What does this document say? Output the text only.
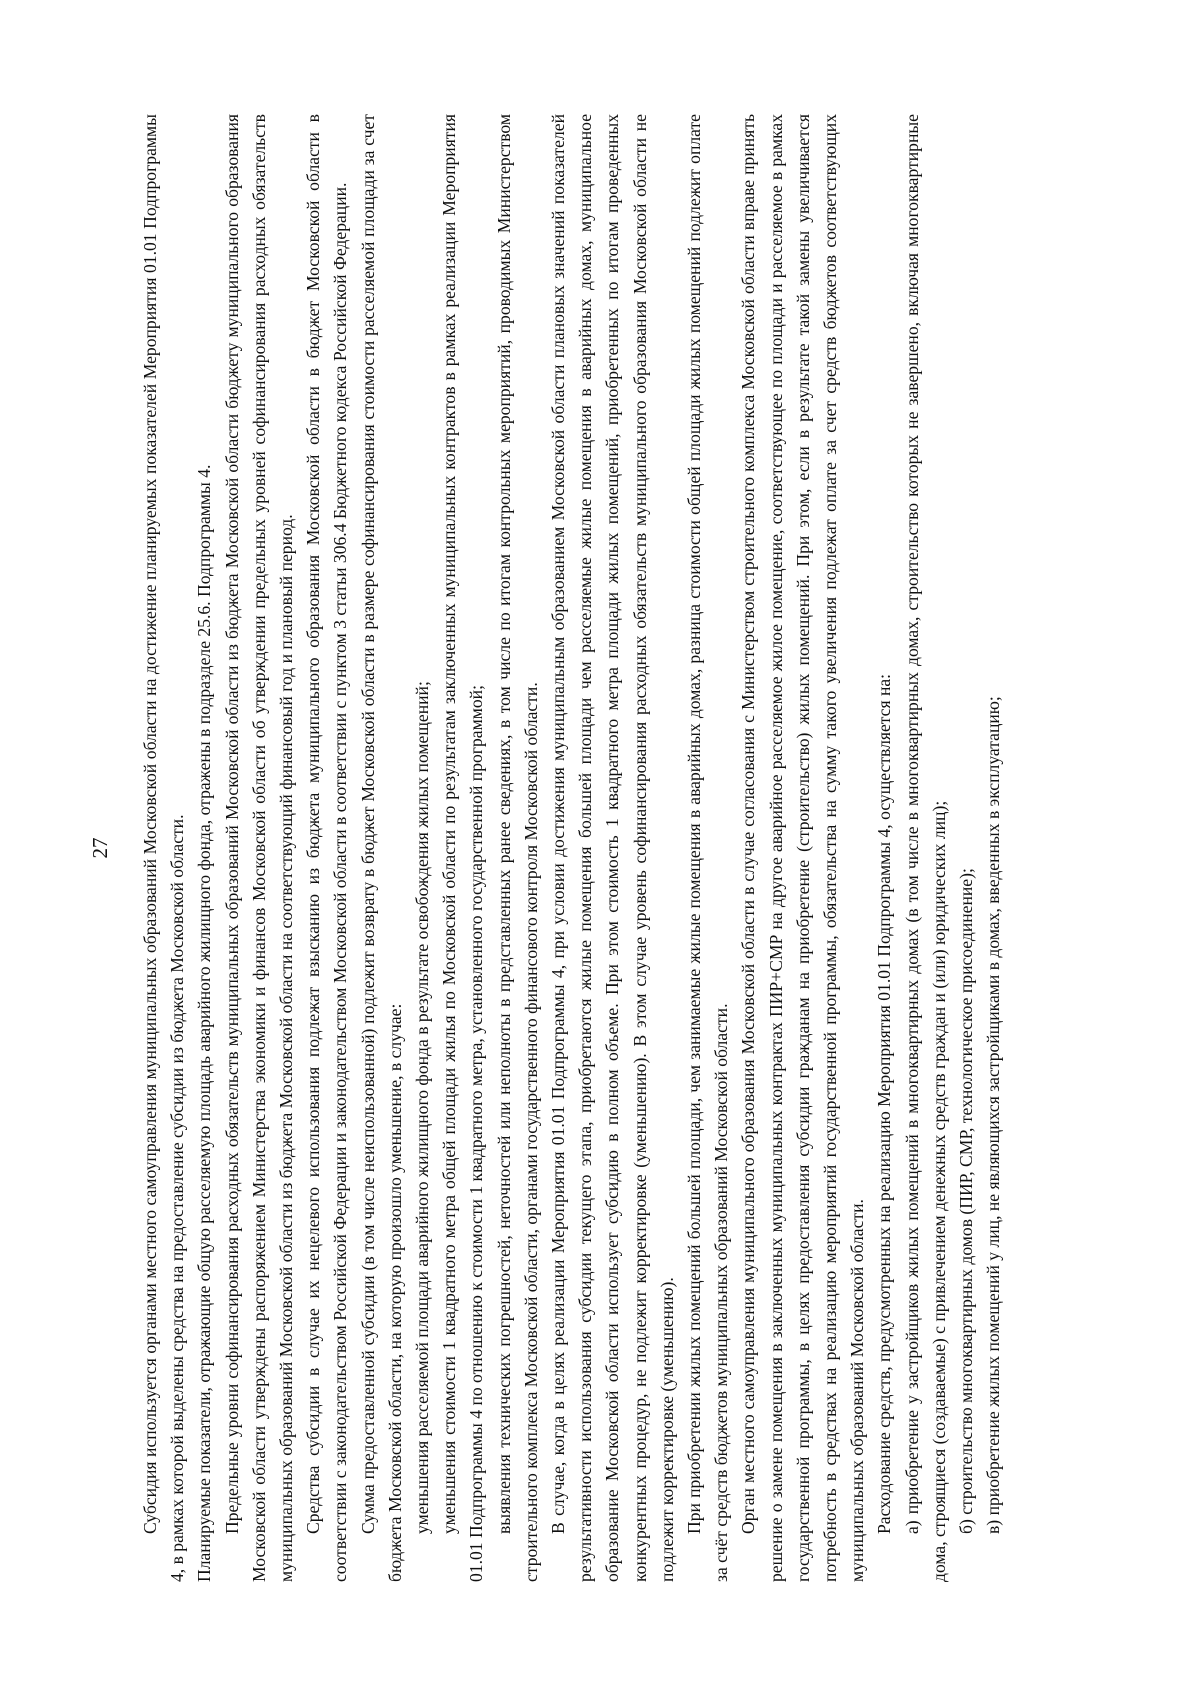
27 Субсидия используется органами местного самоуправления муниципальных образований Московской области на достижение планируемых показателей Мероприятия 01.01 Подпрограммы 4, в рамках которой выделены средства на предоставление субсидии из бюджета Московской области. Планируемые показатели, отражающие общую расселяемую площадь аварийного жилищного фонда, отражены в подразделе 25.6. Подпрограммы 4. Предельные уровни софинансирования расходных обязательств муниципальных образований Московской области из бюджета Московской области бюджету муниципального образования Московской области утверждены распоряжением Министерства экономики и финансов Московской области об утверждении предельных уровней софинансирования расходных обязательств муниципальных образований Московской области из бюджета Московской области на соответствующий финансовый год и плановый период. Средства субсидии в случае их нецелевого использования подлежат взысканию из бюджета муниципального образования Московской области в бюджет Московской области в соответствии с законодательством Российской Федерации и законодательством Московской области в соответствии с пунктом 3 статьи 306.4 Бюджетного кодекса Российской Федерации. Сумма предоставленной субсидии (в том числе неиспользованной) подлежит возврату в бюджет Московской области в размере софинансирования стоимости расселяемой площади за счет бюджета Московской области, на которую произошло уменьшение, в случае: уменьшения расселяемой площади аварийного жилищного фонда в результате освобождения жилых помещений; уменьшения стоимости 1 квадратного метра общей площади жилья по Московской области по результатам заключенных муниципальных контрактов в рамках реализации Мероприятия 01.01 Подпрограммы 4 по отношению к стоимости 1 квадратного метра, установленного государственной программой; выявления технических погрешностей, неточностей или неполноты в представленных ранее сведениях, в том числе по итогам контрольных мероприятий, проводимых Министерством строительного комплекса Московской области, органами государственного финансового контроля Московской области. В случае, когда в целях реализации Мероприятия 01.01 Подпрограммы 4, при условии достижения муниципальным образованием Московской области плановых значений показателей результативности использования субсидии текущего этапа, приобретаются жилые помещения большей площади чем расселяемые жилые помещения в аварийных домах, муниципальное образование Московской области использует субсидию в полном объеме. При этом стоимость 1 квадратного метра площади жилых помещений, приобретенных по итогам проведенных конкурентных процедур, не подлежит корректировке (уменьшению). В этом случае уровень софинансирования расходных обязательств муниципального образования Московской области не подлежит корректировке (уменьшению). При приобретении жилых помещений большей площади, чем занимаемые жилые помещения в аварийных домах, разница стоимости общей площади жилых помещений подлежит оплате за счёт средств бюджетов муниципальных образований Московской области. Орган местного самоуправления муниципального образования Московской области в случае согласования с Министерством строительного комплекса Московской области вправе принять решение о замене помещения в заключенных муниципальных контрактах ПИР+СМР на другое аварийное расселяемое жилое помещение, соответствующее по площади и расселяемое в рамках государственной программы, в целях предоставления субсидии гражданам на приобретение (строительство) жилых помещений. При этом, если в результате такой замены увеличивается потребность в средствах на реализацию мероприятий государственной программы, обязательства на сумму такого увеличения подлежат оплате за счет средств бюджетов соответствующих муниципальных образований Московской области. Расходование средств, предусмотренных на реализацию Мероприятия 01.01 Подпрограммы 4, осуществляется на: а) приобретение у застройщиков жилых помещений в многоквартирных домах (в том числе в многоквартирных домах, строительство которых не завершено, включая многоквартирные дома, строящиеся (создаваемые) с привлечением денежных средств граждан и (или) юридических лиц); б) строительство многоквартирных домов (ПИР, СМР, технологическое присоединение); в) приобретение жилых помещений у лиц, не являющихся застройщиками в домах, введенных в эксплуатацию;
